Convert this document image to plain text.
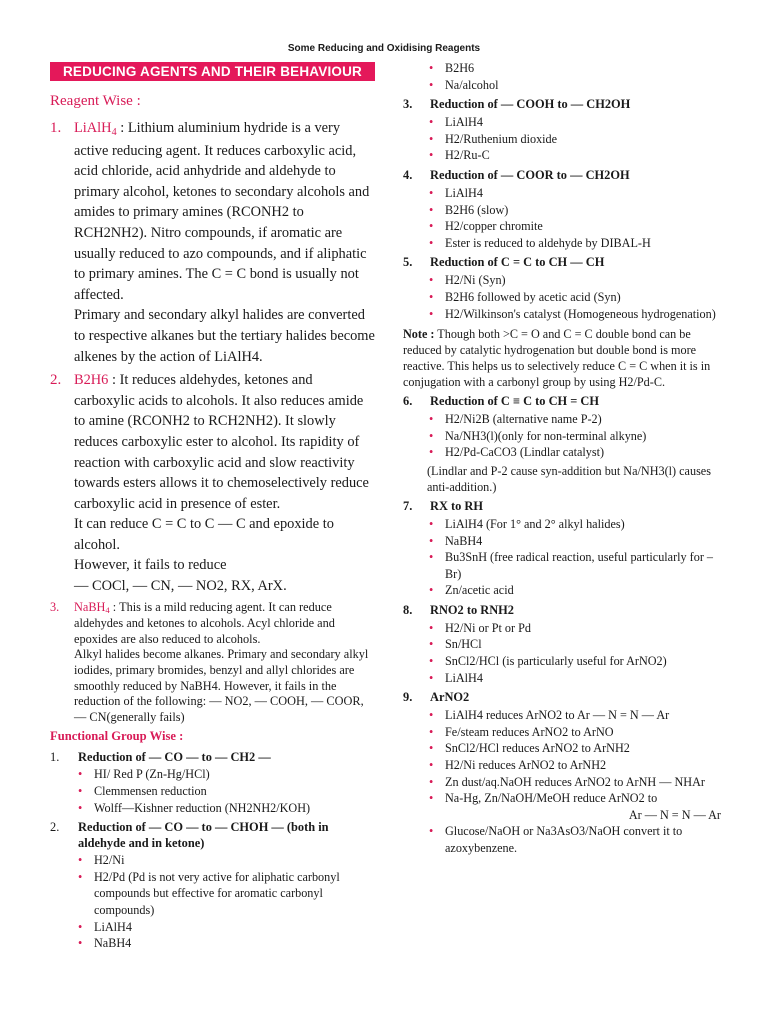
Some Reducing and Oxidising Reagents
REDUCING AGENTS AND THEIR BEHAVIOUR
Reagent Wise :
1. LiAlH$_4$ : Lithium aluminium hydride is a very active reducing agent. It reduces carboxylic acid, acid chloride, acid anhydride and aldehyde to primary alcohol, ketones to secondary alcohols and amides to primary amines (RCONH2 to RCH2NH2). Nitro compounds, if aromatic are usually reduced to azo compounds, and if aliphatic to primary amines. The C = C bond is usually not affected.
Primary and secondary alkyl halides are converted to respective alkanes but the tertiary halides become alkenes by the action of LiAlH4.
2. B2H6 : It reduces aldehydes, ketones and carboxylic acids to alcohols. It also reduces amide to amine (RCONH2 to RCH2NH2). It slowly reduces carboxylic ester to alcohol. Its rapidity of reaction with carboxylic acid and slow reactivity towards esters allows it to chemoselectively reduce carboxylic acid in presence of ester.
It can reduce C = C to C — C and epoxide to alcohol.
However, it fails to reduce
— COCl, — CN, — NO2, RX, ArX.
3.	NaBH$_4$ : This is a mild reducing agent. It can reduce aldehydes and ketones to alcohols. Acyl chloride and epoxides are also reduced to alcohols.
Alkyl halides become alkanes. Primary and secondary alkyl iodides, primary bromides, benzyl and allyl chlorides are smoothly reduced by NaBH4. However, it fails in the reduction of the following: — NO2, — COOH, — COOR, — CN(generally fails)
Functional Group Wise :
1.	Reduction of — CO — to — CH2 —
• HI/ Red P (Zn-Hg/HCl)
• Clemmensen reduction
• Wolff—Kishner reduction (NH2NH2/KOH)
2.	Reduction of — CO — to — CHOH — (both in aldehyde and in ketone)
• H2/Ni
• H2/Pd (Pd is not very active for aliphatic carbonyl compounds but effective for aromatic carbonyl compounds)
• LiAlH4
• NaBH4
• B2H6
• Na/alcohol
3.	Reduction of — COOH to — CH2OH
• LiAlH4
• H2/Ruthenium dioxide
• H2/Ru-C
4.	Reduction of — COOR to — CH2OH
• LiAlH4
• B2H6 (slow)
• H2/copper chromite
• Ester is reduced to aldehyde by DIBAL-H
5.	Reduction of C = C to CH — CH
• H2/Ni (Syn)
• B2H6 followed by acetic acid (Syn)
• H2/Wilkinson's catalyst (Homogeneous hydrogenation)
Note : Though both >C = O and C = C double bond can be reduced by catalytic hydrogenation but double bond is more reactive. This helps us to selectively reduce C = C when it is in conjugation with a carbonyl group by using H2/Pd-C.
6.	Reduction of C ≡ C to CH = CH
• H2/Ni2B (alternative name P-2)
• Na/NH3(l)(only for non-terminal alkyne)
• H2/Pd-CaCO3 (Lindlar catalyst)
(Lindlar and P-2 cause syn-addition but Na/NH3(l) causes anti-addition.)
7.	RX to RH
• LiAlH4 (For 1° and 2° alkyl halides)
• NaBH4
• Bu3SnH (free radical reaction, useful particularly for –Br)
• Zn/acetic acid
8.	RNO2 to RNH2
• H2/Ni or Pt or Pd
• Sn/HCl
• SnCl2/HCl (is particularly useful for ArNO2)
• LiAlH4
9.	ArNO2
• LiAlH4 reduces ArNO2 to Ar — N = N — Ar
• Fe/steam reduces ArNO2 to ArNO
• SnCl2/HCl reduces ArNO2 to ArNH2
• H2/Ni reduces ArNO2 to ArNH2
• Zn dust/aq.NaOH reduces ArNO2 to ArNH — NHAr
• Na-Hg, Zn/NaOH/MeOH reduce ArNO2 to
Ar — N = N — Ar
• Glucose/NaOH or Na3AsO3/NaOH convert it to azoxybenzene.
